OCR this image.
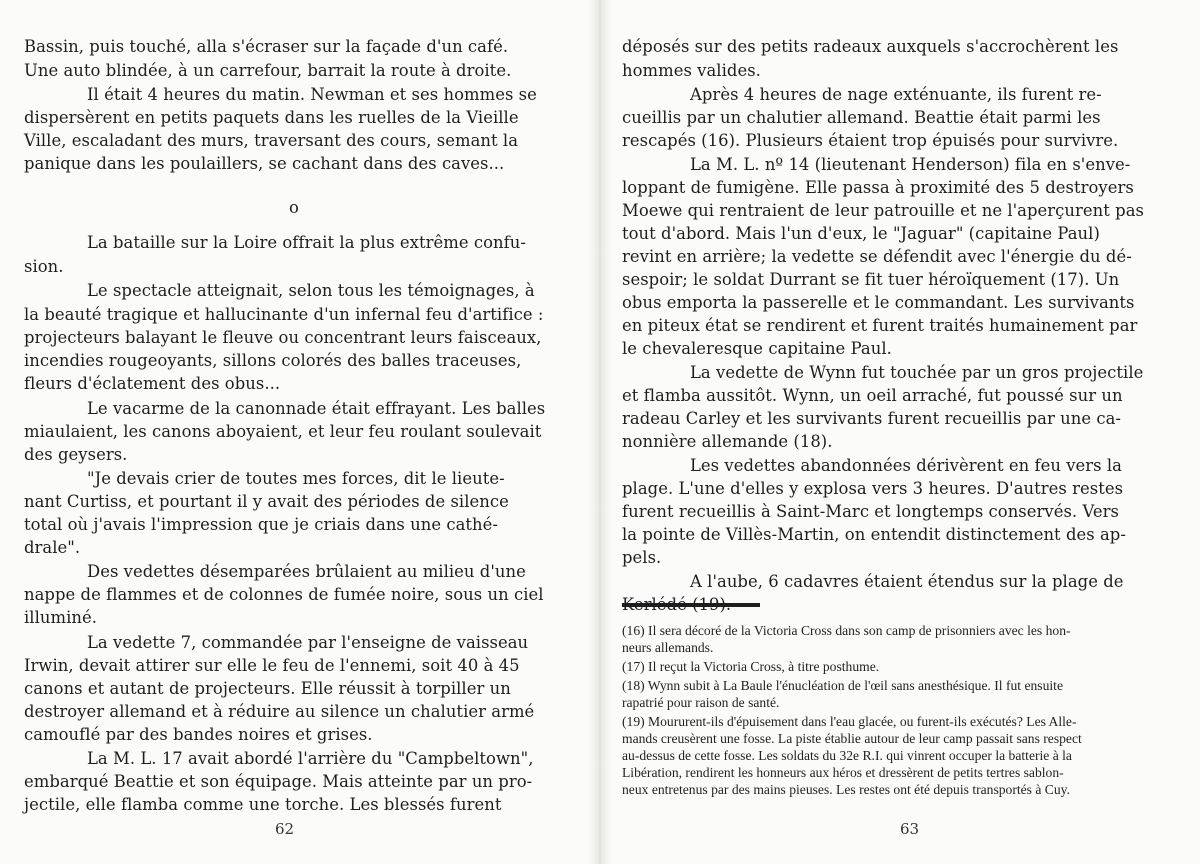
Bassin, puis touché, alla s'écraser sur la façade d'un café.
Une auto blindée, à un carrefour, barrait la route à droite.
Il était 4 heures du matin. Newman et ses hommes se
dispersèrent en petits paquets dans les ruelles de la Vieille
Ville, escaladant des murs, traversant des cours, semant la
panique dans les poulaillers, se cachant dans des caves...
o
La bataille sur la Loire offrait la plus extrême confu-
sion.
Le spectacle atteignait, selon tous les témoignages, à
la beauté tragique et hallucinante d'un infernal feu d'artifice :
projecteurs balayant le fleuve ou concentrant leurs faisceaux,
incendies rougeoyants, sillons colorés des balles traceuses,
fleurs d'éclatement des obus...
Le vacarme de la canonnade était effrayant. Les balles
miaulaient, les canons aboyaient, et leur feu roulant soulevait
des geysers.
"Je devais crier de toutes mes forces, dit le lieute-
nant Curtiss, et pourtant il y avait des périodes de silence
total où j'avais l'impression que je criais dans une cathé-
drale".
Des vedettes désemparées brûlaient au milieu d'une
nappe de flammes et de colonnes de fumée noire, sous un ciel
illuminé.
La vedette 7, commandée par l'enseigne de vaisseau
Irwin, devait attirer sur elle le feu de l'ennemi, soit 40 à 45
canons et autant de projecteurs. Elle réussit à torpiller un
destroyer allemand et à réduire au silence un chalutier armé
camouflé par des bandes noires et grises.
La M. L. 17 avait abordé l'arrière du "Campbeltown",
embarqué Beattie et son équipage. Mais atteinte par un pro-
jectile, elle flamba comme une torche. Les blessés furent
62
déposés sur des petits radeaux auxquels s'accrochèrent les
hommes valides.
Après 4 heures de nage exténuante, ils furent re-
cueillis par un chalutier allemand. Beattie était parmi les
rescapés (16). Plusieurs étaient trop épuisés pour survivre.
La M. L. nº 14 (lieutenant Henderson) fila en s'enve-
loppant de fumigène. Elle passa à proximité des 5 destroyers
Moewe qui rentraient de leur patrouille et ne l'aperçurent pas
tout d'abord. Mais l'un d'eux, le "Jaguar" (capitaine Paul)
revint en arrière; la vedette se défendit avec l'énergie du dé-
sespoir; le soldat Durrant se fit tuer héroïquement (17). Un
obus emporta la passerelle et le commandant. Les survivants
en piteux état se rendirent et furent traités humainement par
le chevaleresque capitaine Paul.
La vedette de Wynn fut touchée par un gros projectile
et flamba aussitôt. Wynn, un oeil arraché, fut poussé sur un
radeau Carley et les survivants furent recueillis par une ca-
nonnière allemande (18).
Les vedettes abandonnées dérivèrent en feu vers la
plage. L'une d'elles y explosa vers 3 heures. D'autres restes
furent recueillis à Saint-Marc et longtemps conservés. Vers
la pointe de Villès-Martin, on entendit distinctement des ap-
pels.
A l'aube, 6 cadavres étaient étendus sur la plage de
(16) Il sera décoré de la Victoria Cross dans son camp de prisonniers avec les hon-
neurs allemands.
(17) Il reçut la Victoria Cross, à titre posthume.
(18) Wynn subit à La Baule l'énucléation de l'œil sans anesthésique. Il fut ensuite
rapatrié pour raison de santé.
(19) Moururent-ils d'épuisement dans l'eau glacée, ou furent-ils exécutés? Les Alle-
mands creusèrent une fosse. La piste établie autour de leur camp passait sans respect
au-dessus de cette fosse. Les soldats du 32e R.I. qui vinrent occuper la batterie à la
Libération, rendirent les honneurs aux héros et dressèrent de petits tertres sablon-
neux entretenus par des mains pieuses. Les restes ont été depuis transportés à Cuy.
63
